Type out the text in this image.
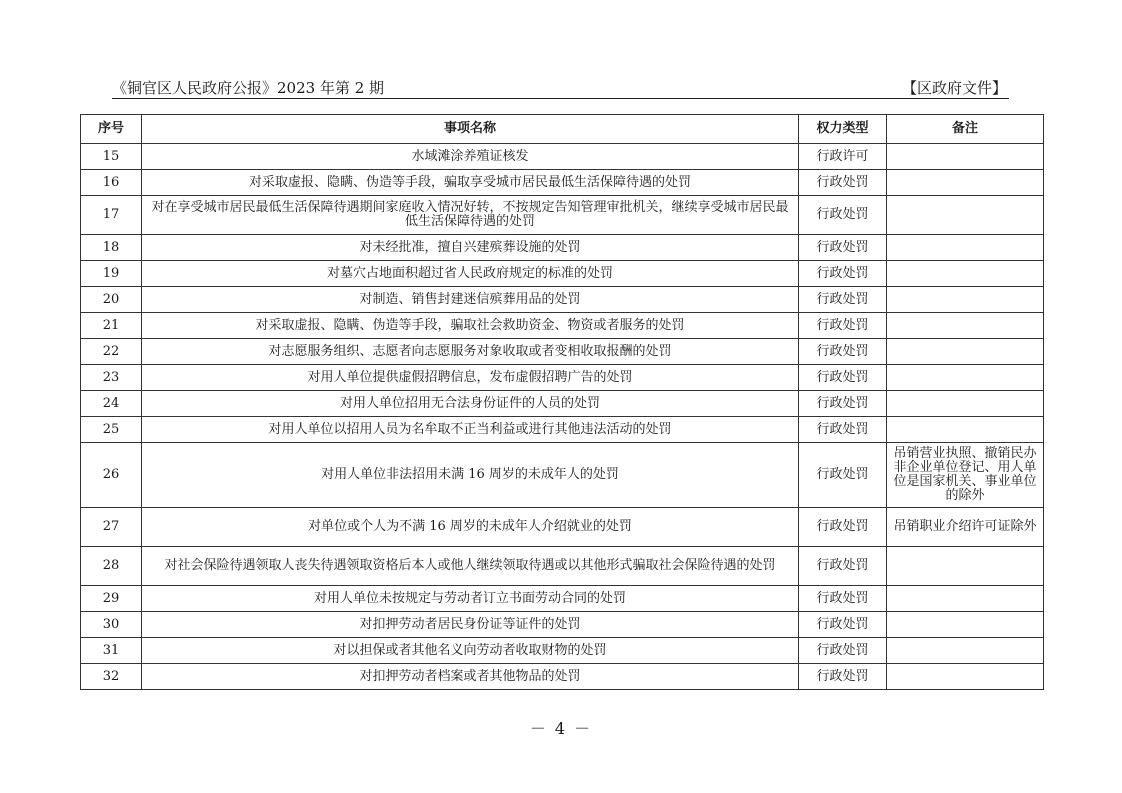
《铜官区人民政府公报》2023 年第 2 期	【区政府文件】
序号	事项名称	权力类型	备注
15	水域滩涂养殖证核发	行政许可	
16	对采取虚报、隐瞒、伪造等手段，骗取享受城市居民最低生活保障待遇的处罚	行政处罚	
17	对在享受城市居民最低生活保障待遇期间家庭收入情况好转，不按规定告知管理审批机关，继续享受城市居民最低生活保障待遇的处罚	行政处罚	
18	对未经批准，擅自兴建殡葬设施的处罚	行政处罚	
19	对墓穴占地面积超过省人民政府规定的标准的处罚	行政处罚	
20	对制造、销售封建迷信殡葬用品的处罚	行政处罚	
21	对采取虚报、隐瞒、伪造等手段，骗取社会救助资金、物资或者服务的处罚	行政处罚	
22	对志愿服务组织、志愿者向志愿服务对象收取或者变相收取报酬的处罚	行政处罚	
23	对用人单位提供虚假招聘信息，发布虚假招聘广告的处罚	行政处罚	
24	对用人单位招用无合法身份证件的人员的处罚	行政处罚	
25	对用人单位以招用人员为名牟取不正当利益或进行其他违法活动的处罚	行政处罚	
26	对用人单位非法招用未满 16 周岁的未成年人的处罚	行政处罚	吊销营业执照、撤销民办非企业单位登记、用人单位是国家机关、事业单位的除外
27	对单位或个人为不满 16 周岁的未成年人介绍就业的处罚	行政处罚	吊销职业介绍许可证除外
28	对社会保险待遇领取人丧失待遇领取资格后本人或他人继续领取待遇或以其他形式骗取社会保险待遇的处罚	行政处罚	
29	对用人单位未按规定与劳动者订立书面劳动合同的处罚	行政处罚	
30	对扣押劳动者居民身份证等证件的处罚	行政处罚	
31	对以担保或者其他名义向劳动者收取财物的处罚	行政处罚	
32	对扣押劳动者档案或者其他物品的处罚	行政处罚	
－ 4 －
